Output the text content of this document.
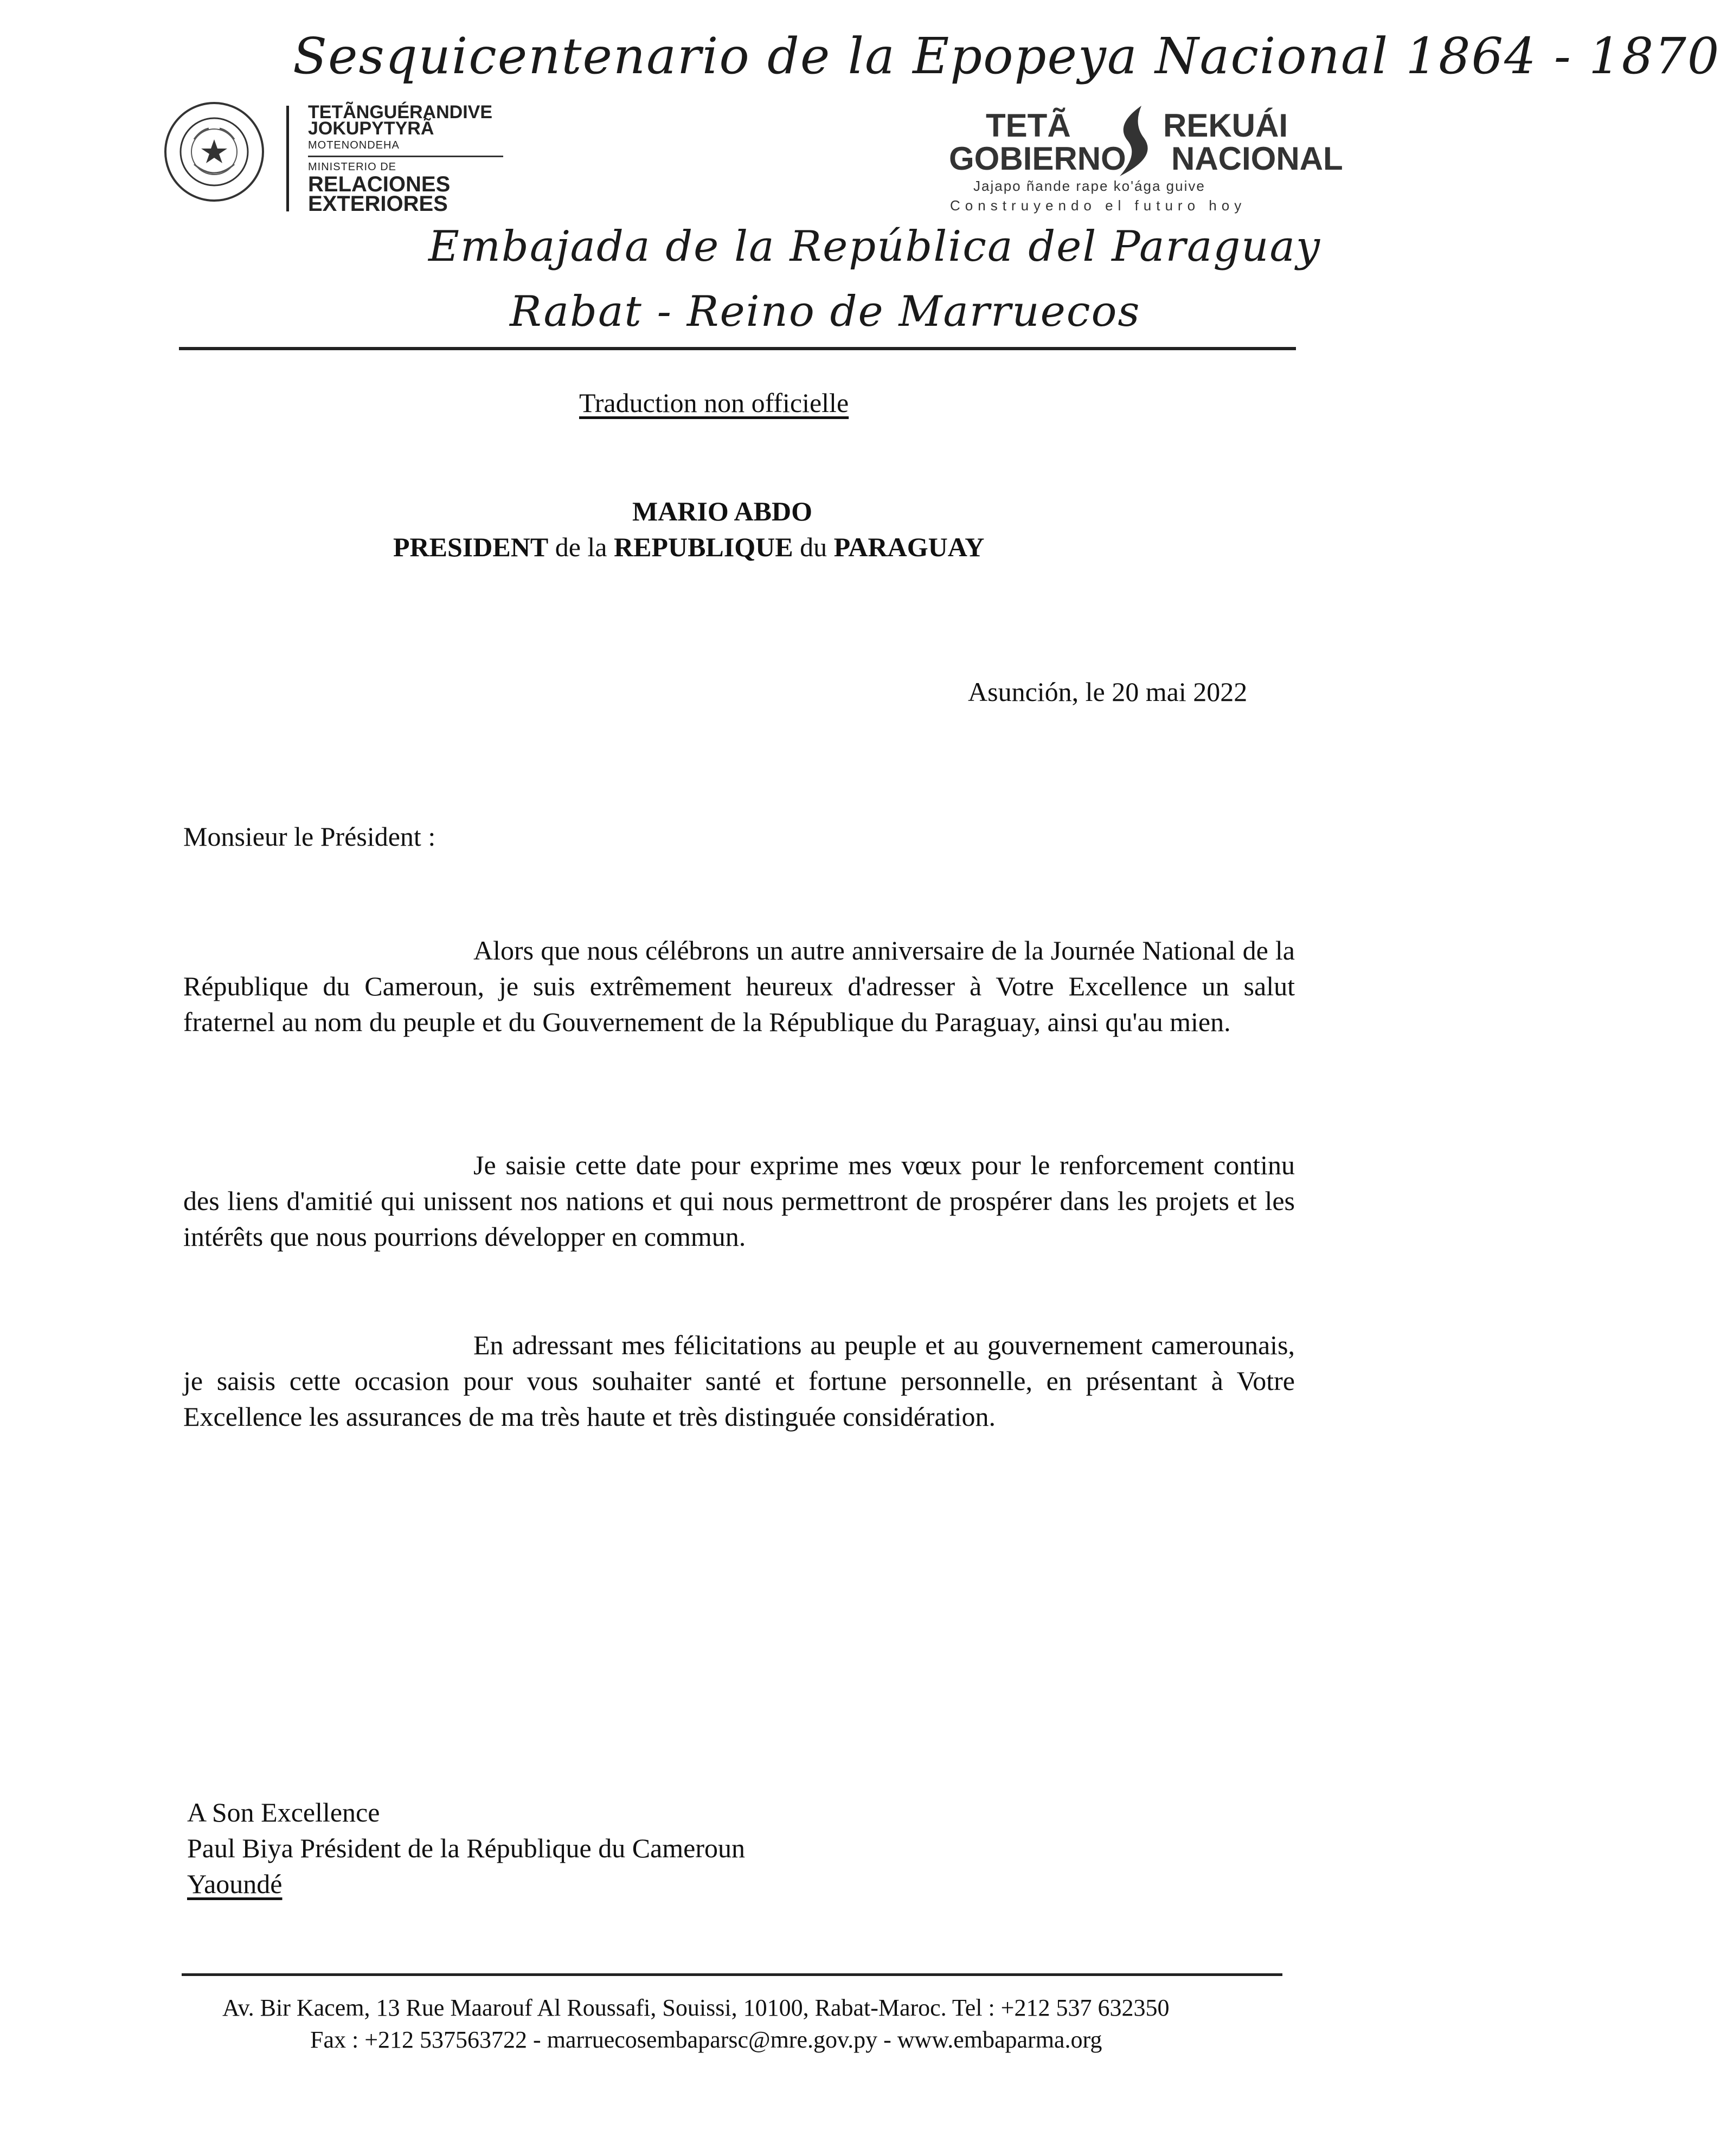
Sesquicentenario de la Epopeya Nacional 1864 - 1870
TETÃNGUÉRANDIVE
JOKUPYTYRÃ
MOTENONDEHA
MINISTERIO DE
RELACIONES
EXTERIORES
TETÃ	REKUÁI
GOBIERNO NACIONAL
Jajapo ñande rape ko'ága guive
Construyendo el futuro hoy
Embajada de la República del Paraguay
Rabat - Reino de Marruecos
Traduction non officielle
MARIO ABDO
PRESIDENT de la REPUBLIQUE du PARAGUAY
Asunción, le 20 mai 2022
Monsieur le Président :
Alors que nous célébrons un autre anniversaire de la Journée National de la République du Cameroun, je suis extrêmement heureux d'adresser à Votre Excellence un salut fraternel au nom du peuple et du Gouvernement de la République du Paraguay, ainsi qu'au mien.
Je saisie cette date pour exprime mes vœux pour le renforcement continu des liens d'amitié qui unissent nos nations et qui nous permettront de prospérer dans les projets et les intérêts que nous pourrions développer en commun.
En adressant mes félicitations au peuple et au gouvernement camerounais, je saisis cette occasion pour vous souhaiter santé et fortune personnelle, en présentant à Votre Excellence les assurances de ma très haute et très distinguée considération.
A Son Excellence
Paul Biya Président de la République du Cameroun
Yaoundé
Av. Bir Kacem, 13 Rue Maarouf Al Roussafi, Souissi, 10100, Rabat-Maroc. Tel : +212 537 632350
Fax : +212 537563722 - marruecosembaparsc@mre.gov.py - www.embaparma.org
